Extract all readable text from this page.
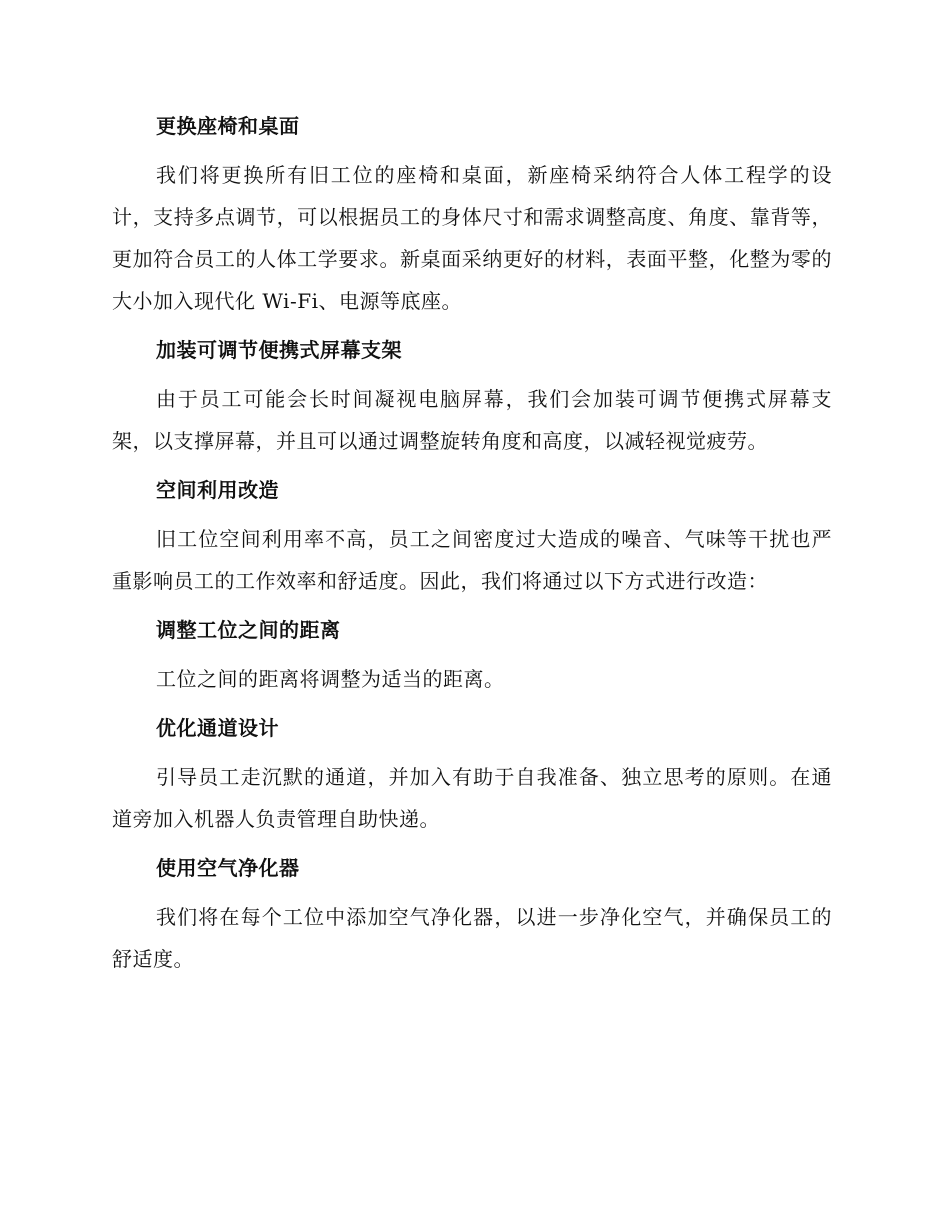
更换座椅和桌面
我们将更换所有旧工位的座椅和桌面，新座椅采纳符合人体工程学的设计，支持多点调节，可以根据员工的身体尺寸和需求调整高度、角度、靠背等，更加符合员工的人体工学要求。新桌面采纳更好的材料，表面平整，化整为零的大小加入现代化 Wi-Fi、电源等底座。
加装可调节便携式屏幕支架
由于员工可能会长时间凝视电脑屏幕，我们会加装可调节便携式屏幕支架，以支撑屏幕，并且可以通过调整旋转角度和高度，以减轻视觉疲劳。
空间利用改造
旧工位空间利用率不高，员工之间密度过大造成的噪音、气味等干扰也严重影响员工的工作效率和舒适度。因此，我们将通过以下方式进行改造：
调整工位之间的距离
工位之间的距离将调整为适当的距离。
优化通道设计
引导员工走沉默的通道，并加入有助于自我准备、独立思考的原则。在通道旁加入机器人负责管理自助快递。
使用空气净化器
我们将在每个工位中添加空气净化器，以进一步净化空气，并确保员工的舒适度。
